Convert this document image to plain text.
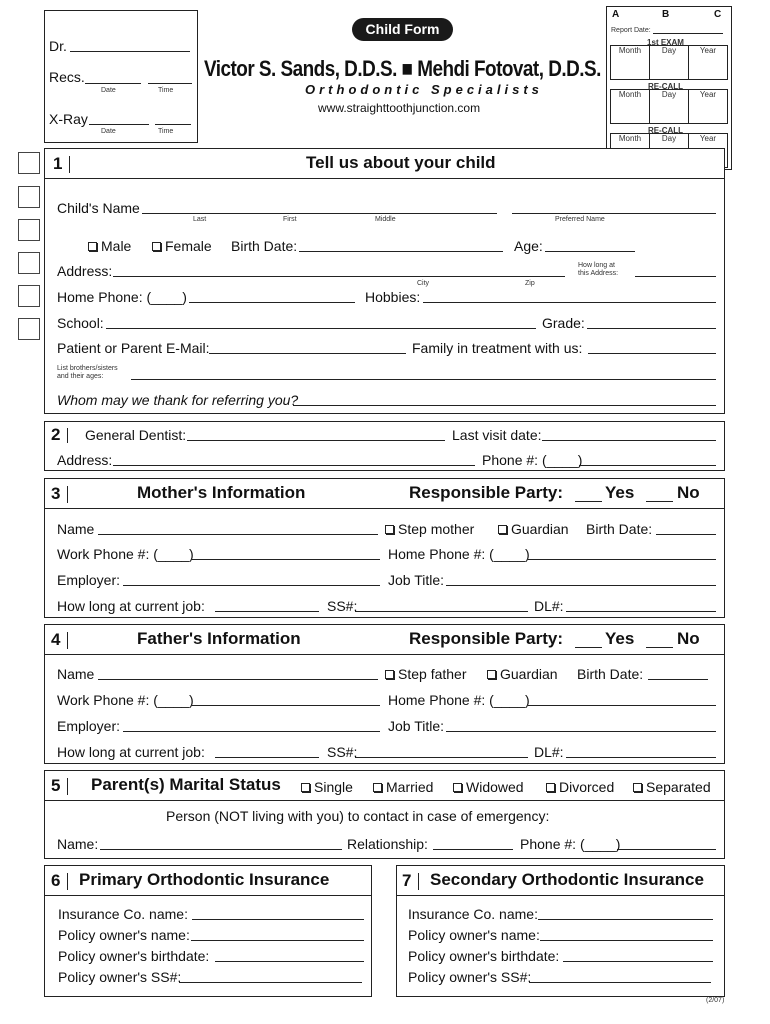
Child Form
Victor S. Sands, D.D.S. ■ Mehdi Fotovat, D.D.S.
Orthodontic Specialists
www.straighttoothjunction.com
Dr.
Recs.
Date	Time
X-Ray
Date	Time
A	B	C
Report Date:
1st EXAM
Month	Day	Year
RE-CALL
Month	Day	Year
RE-CALL
Month	Day	Year
1	Tell us about your child
Child's Name
Last	First	Middle	Preferred Name
Male	Female Birth Date:	Age:
Address:	How long at
this Address:
City	Zip
Home Phone: (____)	Hobbies:
School:	Grade:
Patient or Parent E-Mail:	Family in treatment with us:
List brothers/sisters
and their ages:
Whom may we thank for referring you?
2 General Dentist:	Last visit date:
Address:	Phone #: (____)
3	Mother's Information	Responsible Party: Yes	No
Name	Step mother	Guardian Birth Date:
Work Phone #: (____)	Home Phone #: (____)
Employer:	Job Title:
How long at current job:	SS#:	DL#:
4	Father's Information	Responsible Party: Yes	No
Name	Step father	Guardian Birth Date:
Work Phone #: (____)	Home Phone #: (____)
Employer:	Job Title:
How long at current job:	SS#:	DL#:
5 Parent(s) Marital Status	Single	Married	Widowed	Divorced	Separated
Person (NOT living with you) to contact in case of emergency:
Name:	Relationship:	Phone #: (____)
6 Primary Orthodontic Insurance
Insurance Co. name:
Policy owner's name:
Policy owner's birthdate:
Policy owner's SS#:
7 Secondary Orthodontic Insurance
Insurance Co. name:
Policy owner's name:
Policy owner's birthdate:
Policy owner's SS#:
(2/07)
